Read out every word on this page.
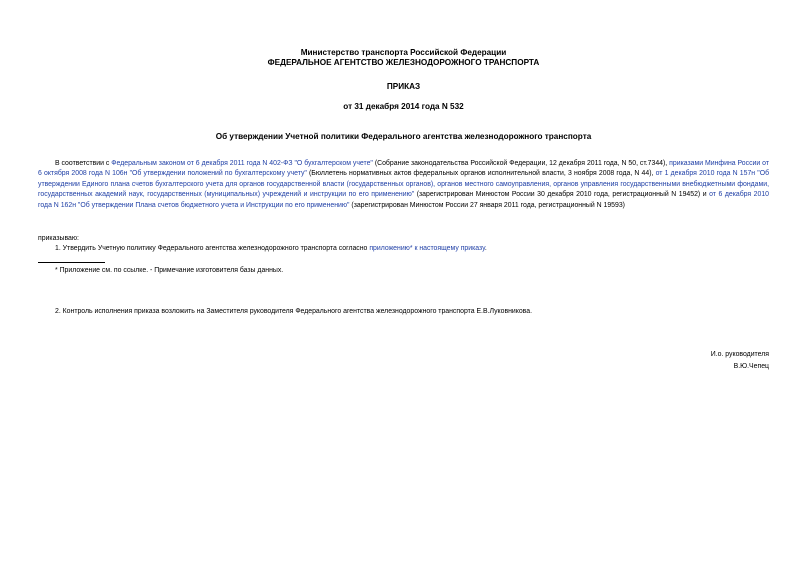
Министерство транспорта Российской Федерации
ФЕДЕРАЛЬНОЕ АГЕНТСТВО ЖЕЛЕЗНОДОРОЖНОГО ТРАНСПОРТА
ПРИКАЗ
от 31 декабря 2014 года N 532
Об утверждении Учетной политики Федерального агентства железнодорожного транспорта
В соответствии с Федеральным законом от 6 декабря 2011 года N 402-ФЗ "О бухгалтерском учете" (Собрание законодательства Российской Федерации, 12 декабря 2011 года, N 50, ст.7344), приказами Минфина России от 6 октября 2008 года N 106н "Об утверждении положений по бухгалтерскому учету" (Бюллетень нормативных актов федеральных органов исполнительной власти, 3 ноября 2008 года, N 44), от 1 декабря 2010 года N 157н "Об утверждении Единого плана счетов бухгалтерского учета для органов государственной власти (государственных органов), органов местного самоуправления, органов управления государственными внебюджетными фондами, государственных академий наук, государственных (муниципальных) учреждений и инструкции по его применению" (зарегистрирован Минюстом России 30 декабря 2010 года, регистрационный N 19452) и от 6 декабря 2010 года N 162н "Об утверждении Плана счетов бюджетного учета и Инструкции по его применению" (зарегистрирован Минюстом России 27 января 2011 года, регистрационный N 19593)
приказываю:
1. Утвердить Учетную политику Федерального агентства железнодорожного транспорта согласно приложению* к настоящему приказу.
* Приложение см. по ссылке. - Примечание изготовителя базы данных.
2. Контроль исполнения приказа возложить на Заместителя руководителя Федерального агентства железнодорожного транспорта Е.В.Луковникова.
И.о. руководителя
В.Ю.Чепец
